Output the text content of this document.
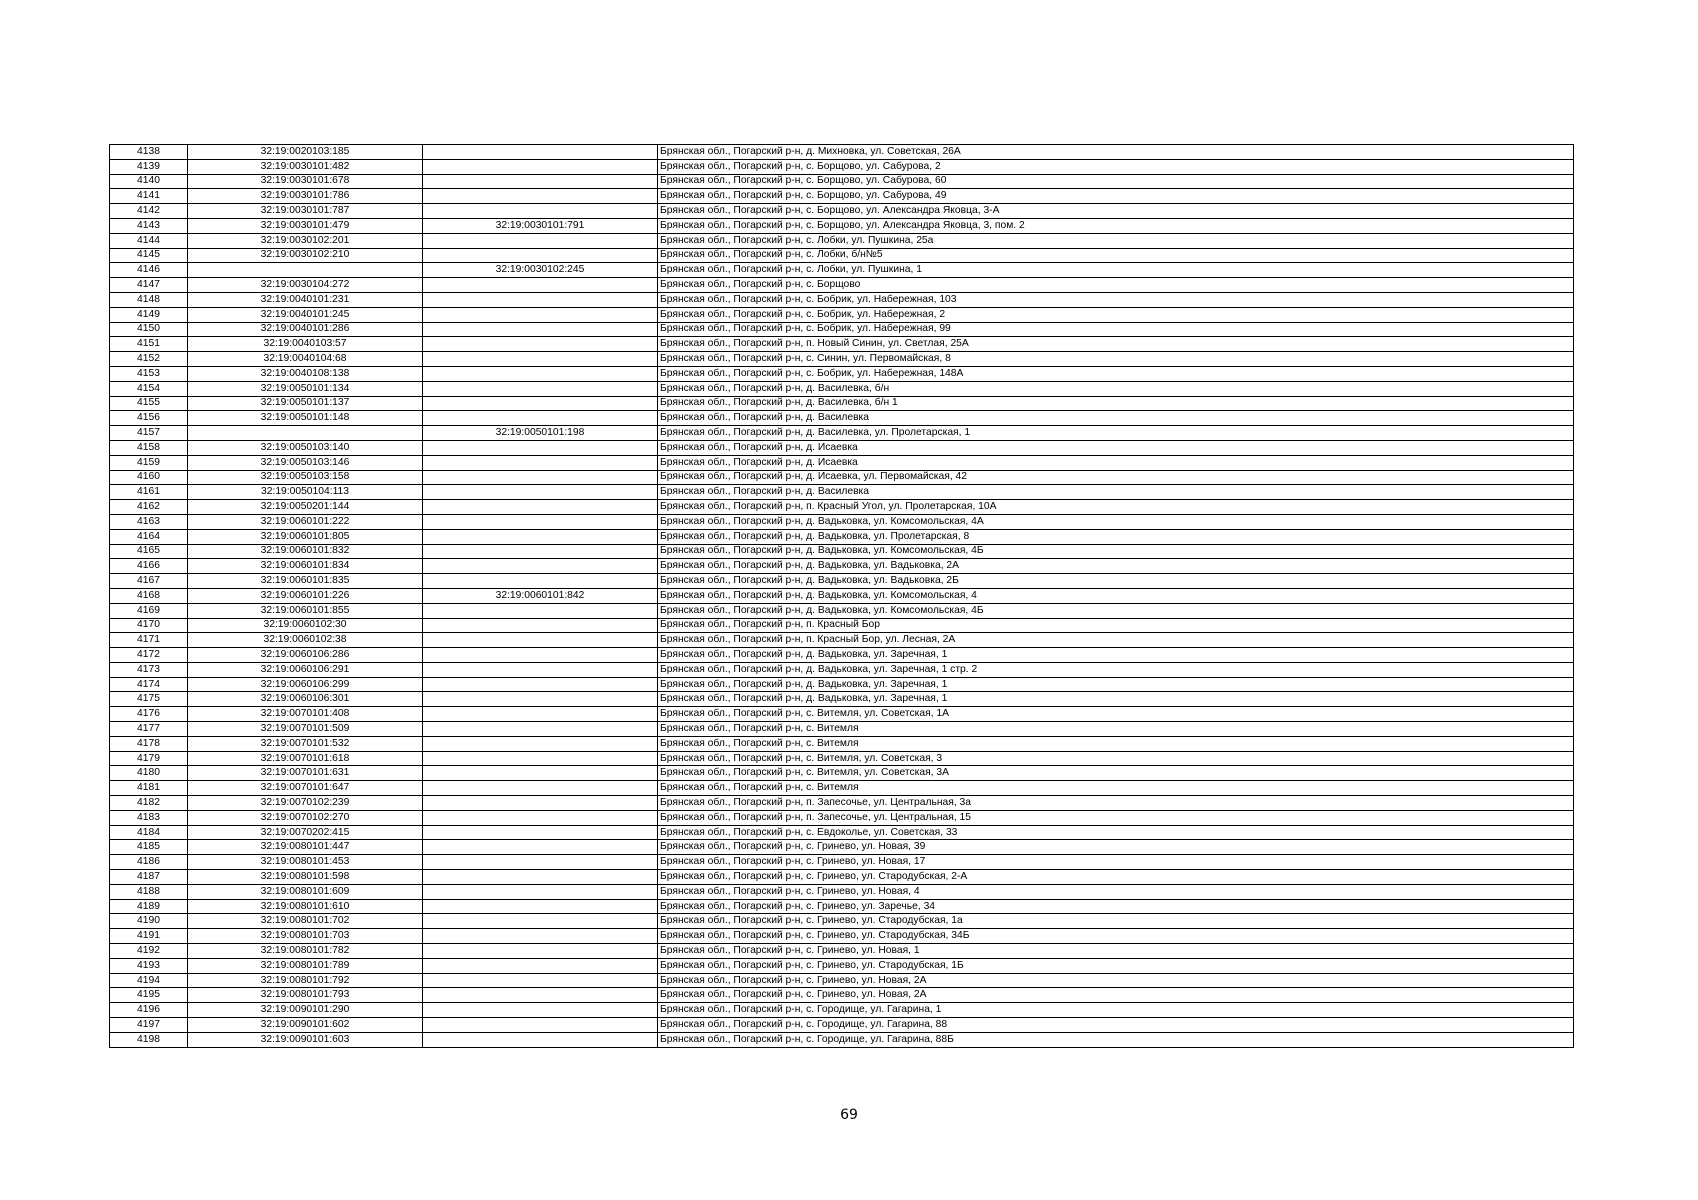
4138	32:19:0020103:185		Брянская обл., Погарский р-н, д. Михновка, ул. Советская, 26А
4139	32:19:0030101:482		Брянская обл., Погарский р-н, с. Борщово, ул. Сабурова, 2
4140	32:19:0030101:678		Брянская обл., Погарский р-н, с. Борщово, ул. Сабурова, 60
4141	32:19:0030101:786		Брянская обл., Погарский р-н, с. Борщово, ул. Сабурова, 49
4142	32:19:0030101:787		Брянская обл., Погарский р-н, с. Борщово, ул. Александра Яковца, 3-А
4143	32:19:0030101:479	32:19:0030101:791	Брянская обл., Погарский р-н, с. Борщово, ул. Александра Яковца, 3, пом. 2
4144	32:19:0030102:201		Брянская обл., Погарский р-н, с. Лобки, ул. Пушкина, 25а
4145	32:19:0030102:210		Брянская обл., Погарский р-н, с. Лобки, б/н№5
4146		32:19:0030102:245	Брянская обл., Погарский р-н, с. Лобки, ул. Пушкина, 1
4147	32:19:0030104:272		Брянская обл., Погарский р-н, с. Борщово
4148	32:19:0040101:231		Брянская обл., Погарский р-н, с. Бобрик, ул. Набережная, 103
4149	32:19:0040101:245		Брянская обл., Погарский р-н, с. Бобрик, ул. Набережная, 2
4150	32:19:0040101:286		Брянская обл., Погарский р-н, с. Бобрик, ул. Набережная, 99
4151	32:19:0040103:57		Брянская обл., Погарский р-н, п. Новый Синин, ул. Светлая, 25А
4152	32:19:0040104:68		Брянская обл., Погарский р-н, с. Синин, ул. Первомайская, 8
4153	32:19:0040108:138		Брянская обл., Погарский р-н, с. Бобрик, ул. Набережная, 148А
4154	32:19:0050101:134		Брянская обл., Погарский р-н, д. Василевка, б/н
4155	32:19:0050101:137		Брянская обл., Погарский р-н, д. Василевка, б/н 1
4156	32:19:0050101:148		Брянская обл., Погарский р-н, д. Василевка
4157		32:19:0050101:198	Брянская обл., Погарский р-н, д. Василевка, ул. Пролетарская, 1
4158	32:19:0050103:140		Брянская обл., Погарский р-н, д. Исаевка
4159	32:19:0050103:146		Брянская обл., Погарский р-н, д. Исаевка
4160	32:19:0050103:158		Брянская обл., Погарский р-н, д. Исаевка, ул. Первомайская, 42
4161	32:19:0050104:113		Брянская обл., Погарский р-н, д. Василевка
4162	32:19:0050201:144		Брянская обл., Погарский р-н, п. Красный Угол, ул. Пролетарская, 10А
4163	32:19:0060101:222		Брянская обл., Погарский р-н, д. Вадьковка, ул. Комсомольская, 4А
4164	32:19:0060101:805		Брянская обл., Погарский р-н, д. Вадьковка, ул. Пролетарская, 8
4165	32:19:0060101:832		Брянская обл., Погарский р-н, д. Вадьковка, ул. Комсомольская, 4Б
4166	32:19:0060101:834		Брянская обл., Погарский р-н, д. Вадьковка, ул. Вадьковка, 2А
4167	32:19:0060101:835		Брянская обл., Погарский р-н, д. Вадьковка, ул. Вадьковка, 2Б
4168	32:19:0060101:226	32:19:0060101:842	Брянская обл., Погарский р-н, д. Вадьковка, ул. Комсомольская, 4
4169	32:19:0060101:855		Брянская обл., Погарский р-н, д. Вадьковка, ул. Комсомольская, 4Б
4170	32:19:0060102:30		Брянская обл., Погарский р-н, п. Красный Бор
4171	32:19:0060102:38		Брянская обл., Погарский р-н, п. Красный Бор, ул. Лесная, 2А
4172	32:19:0060106:286		Брянская обл., Погарский р-н, д. Вадьковка, ул. Заречная, 1
4173	32:19:0060106:291		Брянская обл., Погарский р-н, д. Вадьковка, ул. Заречная, 1 стр. 2
4174	32:19:0060106:299		Брянская обл., Погарский р-н, д. Вадьковка, ул. Заречная, 1
4175	32:19:0060106:301		Брянская обл., Погарский р-н, д. Вадьковка, ул. Заречная, 1
4176	32:19:0070101:408		Брянская обл., Погарский р-н, с. Витемля, ул. Советская, 1А
4177	32:19:0070101:509		Брянская обл., Погарский р-н, с. Витемля
4178	32:19:0070101:532		Брянская обл., Погарский р-н, с. Витемля
4179	32:19:0070101:618		Брянская обл., Погарский р-н, с. Витемля, ул. Советская, 3
4180	32:19:0070101:631		Брянская обл., Погарский р-н, с. Витемля, ул. Советская, 3А
4181	32:19:0070101:647		Брянская обл., Погарский р-н, с. Витемля
4182	32:19:0070102:239		Брянская обл., Погарский р-н, п. Запесочье, ул. Центральная, 3а
4183	32:19:0070102:270		Брянская обл., Погарский р-н, п. Запесочье, ул. Центральная, 15
4184	32:19:0070202:415		Брянская обл., Погарский р-н, с. Евдоколье, ул. Советская, 33
4185	32:19:0080101:447		Брянская обл., Погарский р-н, с. Гринево, ул. Новая, 39
4186	32:19:0080101:453		Брянская обл., Погарский р-н, с. Гринево, ул. Новая, 17
4187	32:19:0080101:598		Брянская обл., Погарский р-н, с. Гринево, ул. Стародубская, 2-А
4188	32:19:0080101:609		Брянская обл., Погарский р-н, с. Гринево, ул. Новая, 4
4189	32:19:0080101:610		Брянская обл., Погарский р-н, с. Гринево, ул. Заречье, 34
4190	32:19:0080101:702		Брянская обл., Погарский р-н, с. Гринево, ул. Стародубская, 1а
4191	32:19:0080101:703		Брянская обл., Погарский р-н, с. Гринево, ул. Стародубская, 34Б
4192	32:19:0080101:782		Брянская обл., Погарский р-н, с. Гринево, ул. Новая, 1
4193	32:19:0080101:789		Брянская обл., Погарский р-н, с. Гринево, ул. Стародубская, 1Б
4194	32:19:0080101:792		Брянская обл., Погарский р-н, с. Гринево, ул. Новая, 2А
4195	32:19:0080101:793		Брянская обл., Погарский р-н, с. Гринево, ул. Новая, 2А
4196	32:19:0090101:290		Брянская обл., Погарский р-н, с. Городище, ул. Гагарина, 1
4197	32:19:0090101:602		Брянская обл., Погарский р-н, с. Городище, ул. Гагарина, 88
4198	32:19:0090101:603		Брянская обл., Погарский р-н, с. Городище, ул. Гагарина, 88Б
69
